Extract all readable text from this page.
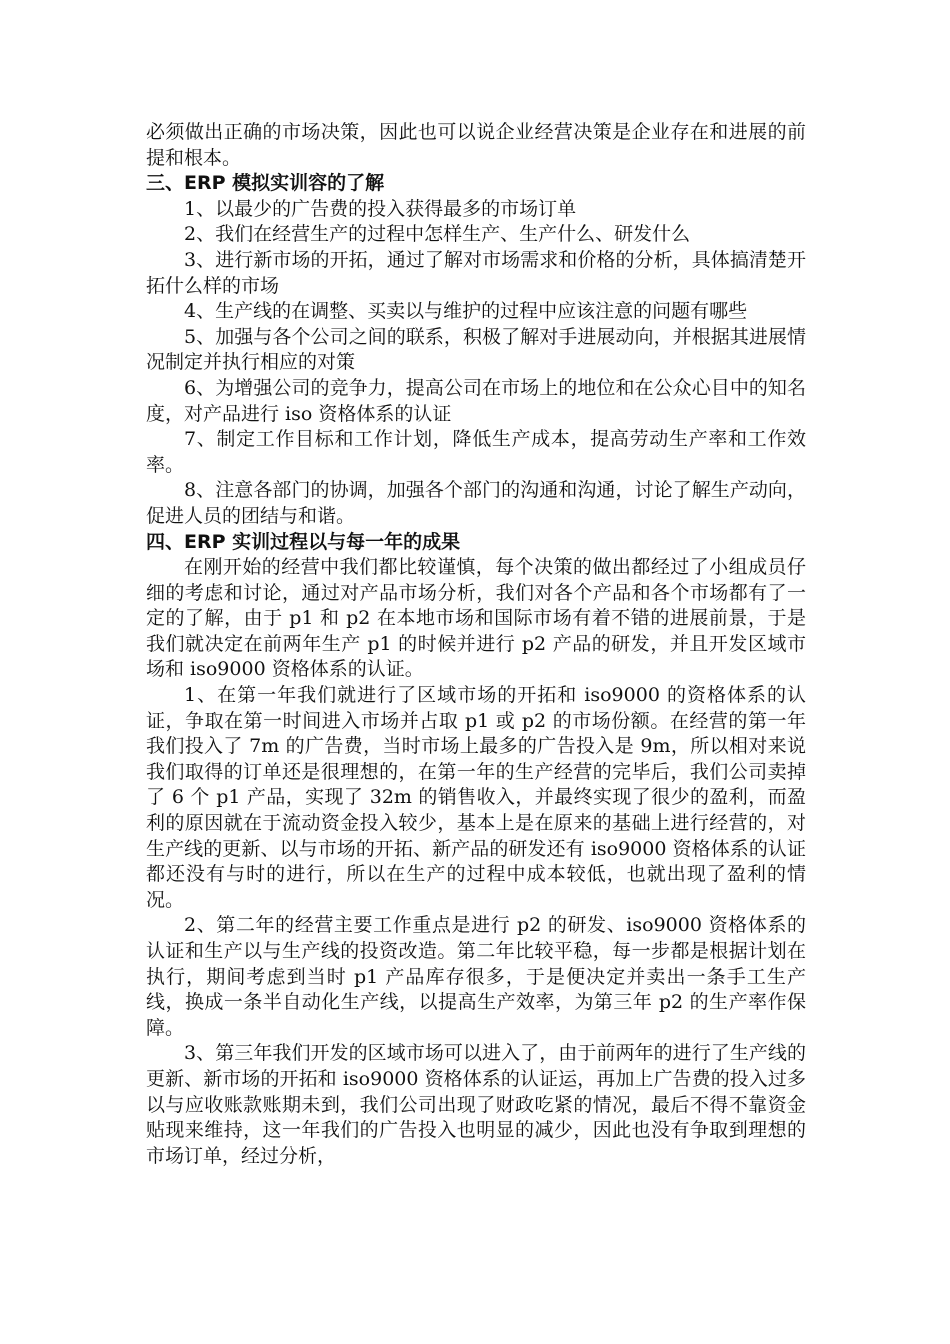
必须做出正确的市场决策，因此也可以说企业经营决策是企业存在和进展的前提和根本。

三、ERP 模拟实训容的了解

1、以最少的广告费的投入获得最多的市场订单

2、我们在经营生产的过程中怎样生产、生产什么、研发什么

3、进行新市场的开拓，通过了解对市场需求和价格的分析，具体搞清楚开拓什么样的市场

4、生产线的在调整、买卖以与维护的过程中应该注意的问题有哪些

5、加强与各个公司之间的联系，积极了解对手进展动向，并根据其进展情况制定并执行相应的对策

6、为增强公司的竞争力，提高公司在市场上的地位和在公众心目中的知名度，对产品进行 iso 资格体系的认证

7、制定工作目标和工作计划，降低生产成本，提高劳动生产率和工作效率。

8、注意各部门的协调，加强各个部门的沟通和沟通，讨论了解生产动向，促进人员的团结与和谐。

四、ERP 实训过程以与每一年的成果

在刚开始的经营中我们都比较谨慎，每个决策的做出都经过了小组成员仔细的考虑和讨论，通过对产品市场分析，我们对各个产品和各个市场都有了一定的了解，由于 p1 和 p2 在本地市场和国际市场有着不错的进展前景，于是我们就决定在前两年生产 p1 的时候并进行 p2 产品的研发，并且开发区域市场和 iso9000 资格体系的认证。

1、在第一年我们就进行了区域市场的开拓和 iso9000 的资格体系的认证，争取在第一时间进入市场并占取 p1 或 p2 的市场份额。在经营的第一年我们投入了 7m 的广告费，当时市场上最多的广告投入是 9m，所以相对来说我们取得的订单还是很理想的，在第一年的生产经营的完毕后，我们公司卖掉了 6 个 p1 产品，实现了 32m 的销售收入，并最终实现了很少的盈利，而盈利的原因就在于流动资金投入较少，基本上是在原来的基础上进行经营的，对生产线的更新、以与市场的开拓、新产品的研发还有 iso9000 资格体系的认证都还没有与时的进行，所以在生产的过程中成本较低，也就出现了盈利的情况。

2、第二年的经营主要工作重点是进行 p2 的研发、iso9000 资格体系的认证和生产以与生产线的投资改造。第二年比较平稳，每一步都是根据计划在执行，期间考虑到当时 p1 产品库存很多，于是便决定并卖出一条手工生产线，换成一条半自动化生产线，以提高生产效率，为第三年 p2 的生产率作保障。

3、第三年我们开发的区域市场可以进入了，由于前两年的进行了生产线的更新、新市场的开拓和 iso9000 资格体系的认证运，再加上广告费的投入过多以与应收账款账期未到，我们公司出现了财政吃紧的情况，最后不得不靠资金贴现来维持，这一年我们的广告投入也明显的减少，因此也没有争取到理想的市场订单，经过分析，
